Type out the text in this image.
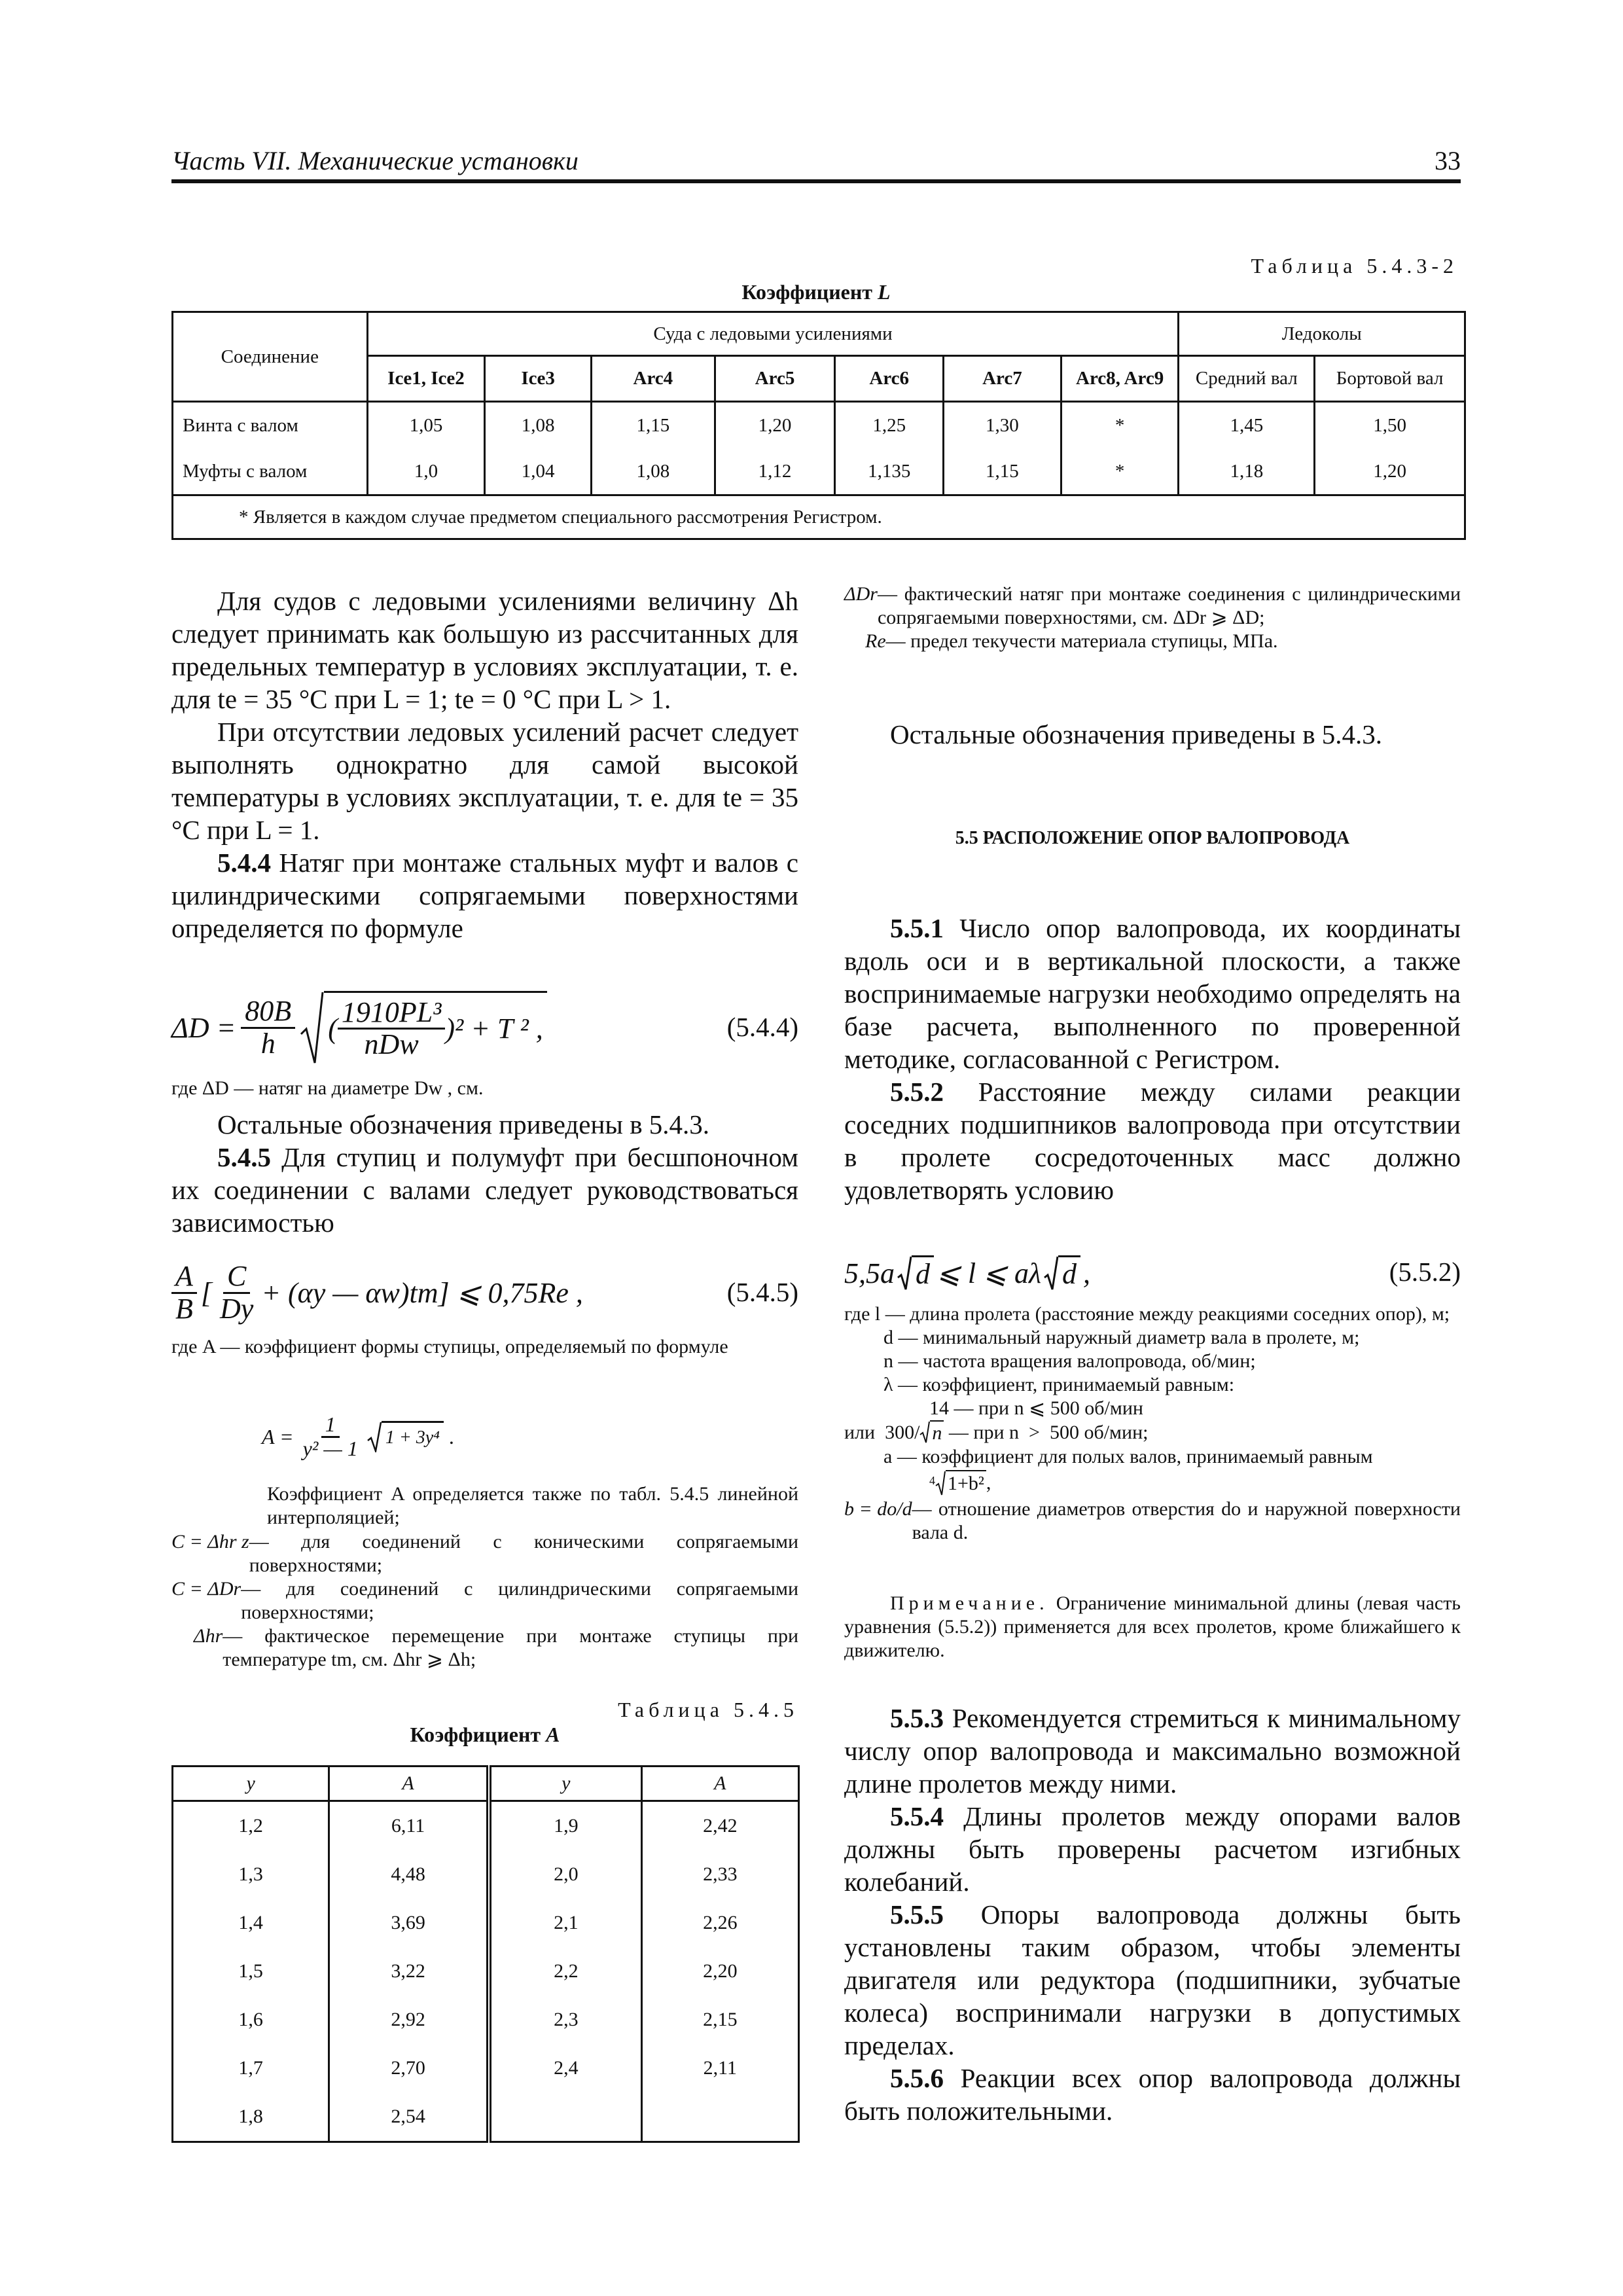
Часть VII. Механические установки	33
Таблица 5.4.3-2
Коэффициент L
Соединение	Суда с ледовыми усилениями							Ледоколы	
	Ice1, Ice2	Ice3	Arc4	Arc5	Arc6	Arc7	Arc8, Arc9	Средний вал	Бортовой вал
Винта с валом	1,05	1,08	1,15	1,20	1,25	1,30	*	1,45	1,50
Муфты с валом	1,0	1,04	1,08	1,12	1,135	1,15	*	1,18	1,20
* Является в каждом случае предметом специального рассмотрения Регистром.									

Для судов с ледовыми усилениями величину Δh следует принимать как большую из рассчитанных для предельных температур в условиях эксплуатации, т. е. для te = 35 °С при L = 1; te = 0 °С при L > 1.

При отсутствии ледовых усилений расчет следует выполнять однократно для самой высокой температуры в условиях эксплуатации, т. е. для te = 35 °С при L = 1.

5.4.4 Натяг при монтаже стальных муфт и валов с цилиндрическими сопрягаемыми поверхностями определяется по формуле

$\Delta D = \frac{80B}{h}$ ( $\frac{\text{1910PL³}}{\text{nDw}} )^2 + T$ ² ,	(5.4.4)
где ΔD — натяг на диаметре Dw , см.

Остальные обозначения приведены в 5.4.3.

5.4.5 Для ступиц и полумуфт при бесшпоночном их соединении с валами следует руководствоваться зависимостью

$\frac{A}{B}$ [ $\frac{C}{Dy} + (\alpha y$ — αw)tm] ⩽ 0,75Re ,	(5.4.5)
где A — коэффициент формы ступицы, определяемый по формуле
$A = \frac{1}{\text{y² — 1}} 1 + 3y^4$ .
Коэффициент A определяется также по табл. 5.4.5 линейной интерполяцией;
C = Δhr z — для соединений с коническими сопрягаемыми поверхностями;
C = ΔDr — для соединений с цилиндрическими сопрягаемыми поверхностями;
Δhr — фактическое перемещение при монтаже ступицы при температуре tm, см. Δhr ⩾ Δh;
Таблица 5.4.5
Коэффициент A
y	A	y	A
1,2	6,11	1,9	2,42
1,3	4,48	2,0	2,33
1,4	3,69	2,1	2,26
1,5	3,22	2,2	2,20
1,6	2,92	2,3	2,15
1,7	2,70	2,4	2,11
1,8	2,54		
ΔDr — фактический натяг при монтаже соединения с цилиндрическими сопрягаемыми поверхностями, см. ΔDr ⩾ ΔD;
Re — предел текучести материала ступицы, МПа.

Остальные обозначения приведены в 5.4.3.

5.5 РАСПОЛОЖЕНИЕ ОПОР ВАЛОПРОВОДА

5.5.1 Число опор валопровода, их координаты вдоль оси и в вертикальной плоскости, а также воспринимаемые нагрузки необходимо определять на базе расчета, выполненного по проверенной методике, согласованной с Регистром.

5.5.2 Расстояние между силами реакции соседних подшипников валопровода при отсутствии в пролете сосредоточенных масс должно удовлетворять условию

5,5a d ⩽ l ⩽ aλ d ,	(5.5.2)
где l — длина пролета (расстояние между реакциями соседних опор), м;
d — минимальный наружный диаметр вала в пролете, м;
n — частота вращения валопровода, об/мин;
λ — коэффициент, принимаемый равным:
14 — при n ⩽ 500 об/мин
или  300/ n — при n  >  500 об/мин;
a — коэффициент для полых валов, принимаемый равным
4 1+b² ,
b = do/d — отношение диаметров отверстия do и наружной поверхности вала d.
Примечание. Ограничение минимальной длины (левая часть уравнения (5.5.2)) применяется для всех пролетов, кроме ближайшего к движителю.

5.5.3 Рекомендуется стремиться к минимальному числу опор валопровода и максимально возможной длине пролетов между ними.

5.5.4 Длины пролетов между опорами валов должны быть проверены расчетом изгибных колебаний.

5.5.5 Опоры валопровода должны быть установлены таким образом, чтобы элементы двигателя или редуктора (подшипники, зубчатые колеса) воспринимали нагрузки в допустимых пределах.

5.5.6 Реакции всех опор валопровода должны быть положительными.
